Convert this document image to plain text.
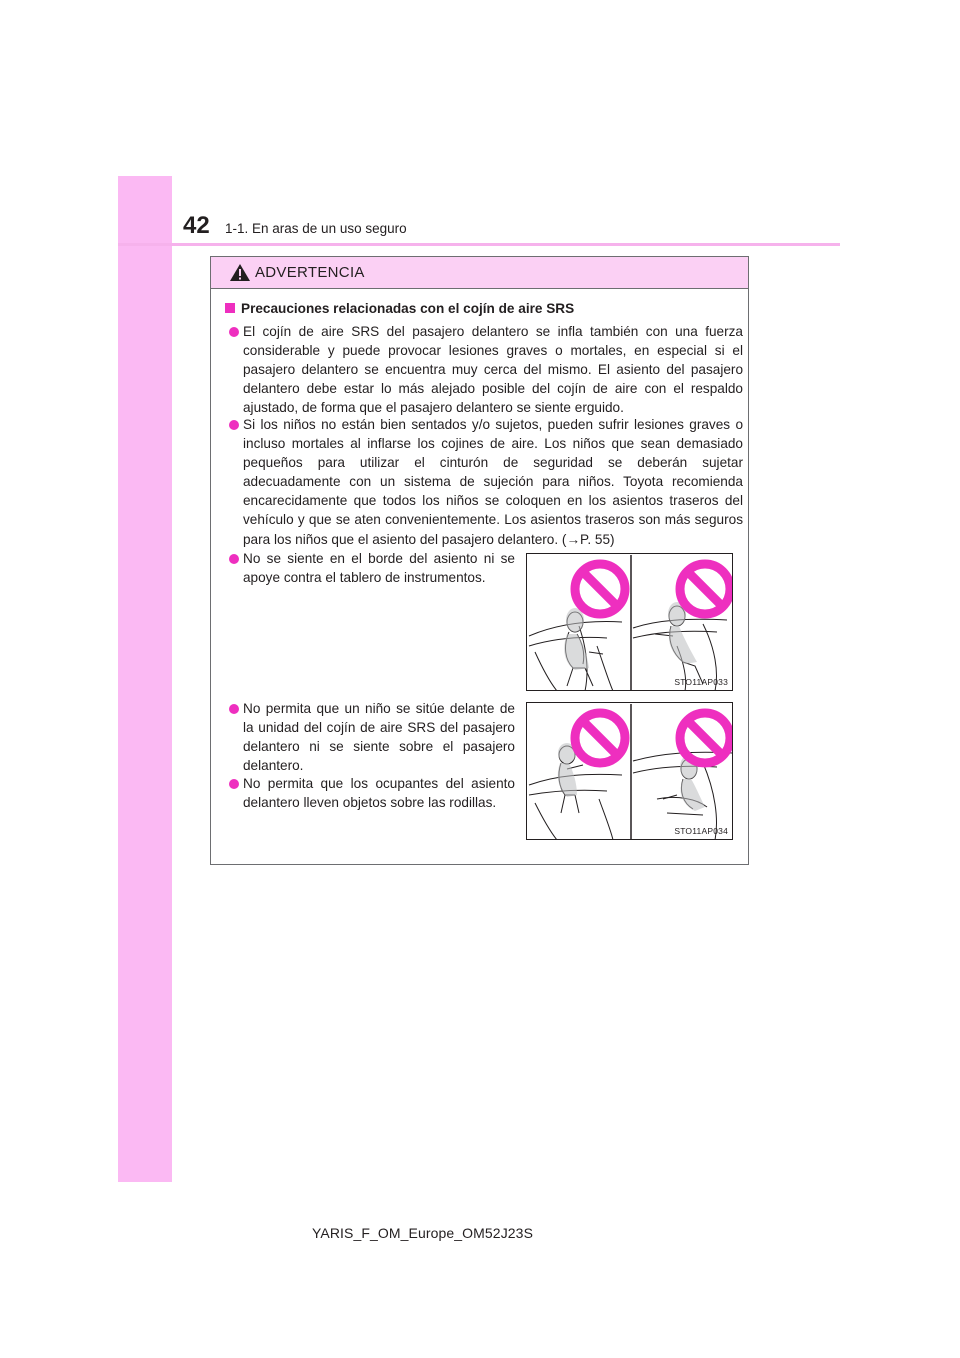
42 1-1. En aras de un uso seguro
ADVERTENCIA
Precauciones relacionadas con el cojín de aire SRS
El cojín de aire SRS del pasajero delantero se infla también con una fuerza considerable y puede provocar lesiones graves o mortales, en especial si el pasajero delantero se encuentra muy cerca del mismo. El asiento del pasajero delantero debe estar lo más alejado posible del cojín de aire con el respaldo ajustado, de forma que el pasajero delantero se siente erguido.
Si los niños no están bien sentados y/o sujetos, pueden sufrir lesiones graves o incluso mortales al inflarse los cojines de aire. Los niños que sean demasiado pequeños para utilizar el cinturón de seguridad se deberán sujetar adecuadamente con un sistema de sujeción para niños. Toyota recomienda encarecidamente que todos los niños se coloquen en los asientos traseros del vehículo y que se aten convenientemente. Los asientos traseros son más seguros para los niños que el asiento del pasajero delantero. (→P. 55)
No se siente en el borde del asiento ni se apoye contra el tablero de instrumentos.
No permita que un niño se sitúe delante de la unidad del cojín de aire SRS del pasajero delantero ni se siente sobre el pasajero delantero.
No permita que los ocupantes del asiento delantero lleven objetos sobre las rodillas.
STO11AP033
STO11AP034
YARIS_F_OM_Europe_OM52J23S
